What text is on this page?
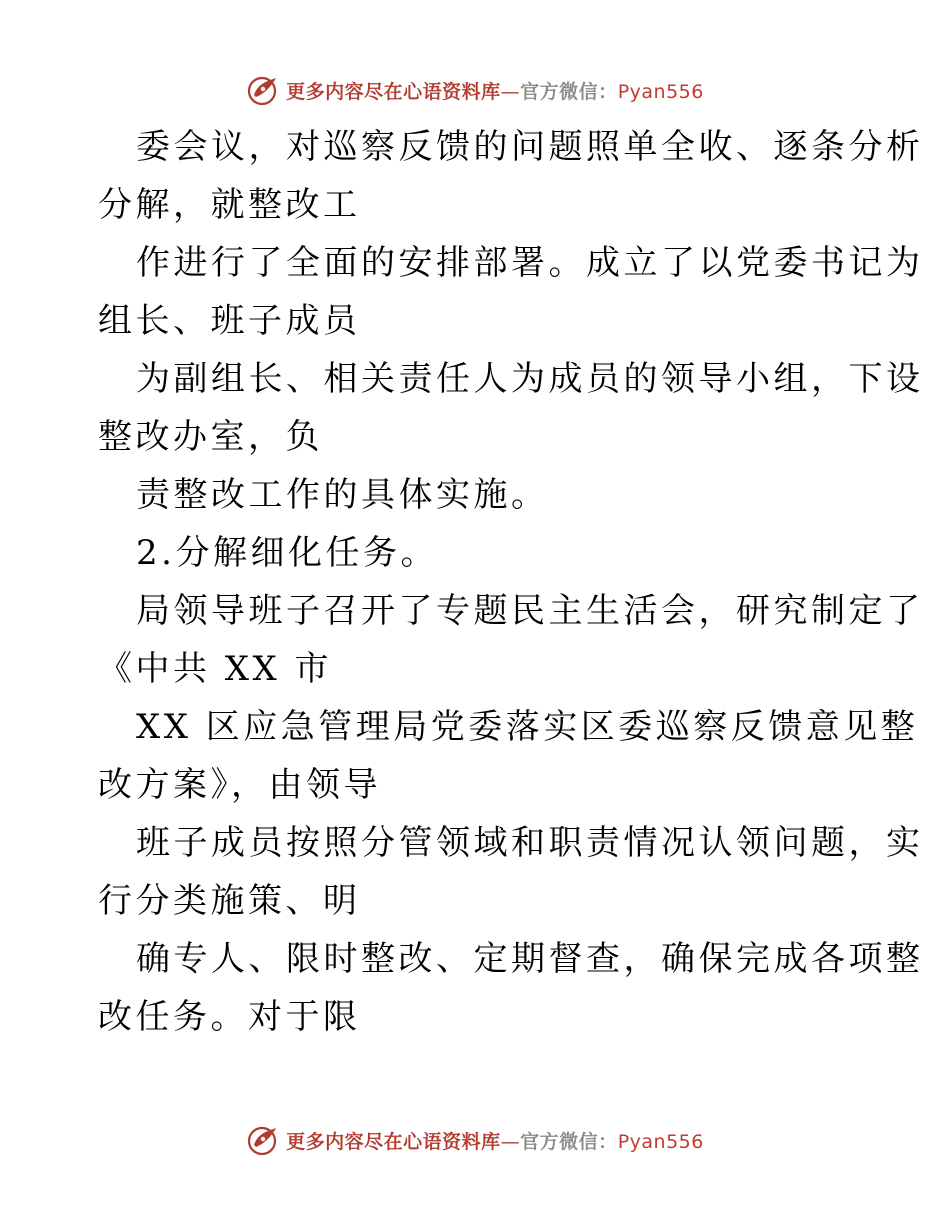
更多内容尽在心语资料库—官方微信：Pyan556
委会议，对巡察反馈的问题照单全收、逐条分析
分解，就整改工
作进行了全面的安排部署。成立了以党委书记为
组长、班子成员
为副组长、相关责任人为成员的领导小组，下设
整改办室，负
责整改工作的具体实施。
2.分解细化任务。
局领导班子召开了专题民主生活会，研究制定了
《中共 XX 市
XX 区应急管理局党委落实区委巡察反馈意见整
改方案》，由领导
班子成员按照分管领域和职责情况认领问题，实
行分类施策、明
确专人、限时整改、定期督查，确保完成各项整
改任务。对于限
更多内容尽在心语资料库—官方微信：Pyan556
